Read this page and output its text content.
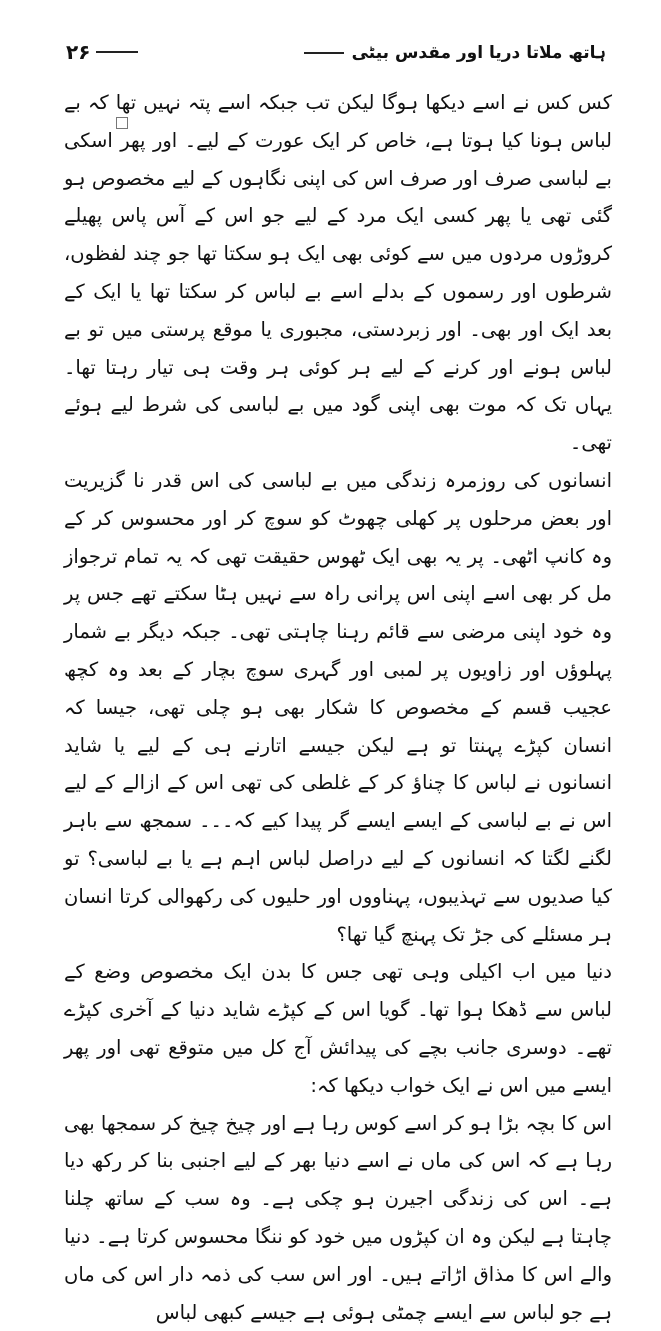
۲۶	ہاتھ ملاتا دریا اور مقدس بیٹی

کس کس نے اسے دیکھا ہوگا لیکن تب جبکہ اسے پتہ نہیں تھا کہ بے لباس ہونا کیا ہوتا ہے، خاص کر ایک عورت کے لیے۔ اور پھر اسکی بے لباسی صرف اور صرف اس کی اپنی نگاہوں کے لیے مخصوص ہو گئی تھی یا پھر کسی ایک مرد کے لیے جو اس کے آس پاس پھیلے کروڑوں مردوں میں سے کوئی بھی ایک ہو سکتا تھا جو چند لفظوں، شرطوں اور رسموں کے بدلے اسے بے لباس کر سکتا تھا یا ایک کے بعد ایک اور بھی۔ اور زبردستی، مجبوری یا موقع پرستی میں تو بے لباس ہونے اور کرنے کے لیے ہر کوئی ہر وقت ہی تیار رہتا تھا۔ یہاں تک کہ موت بھی اپنی گود میں بے لباسی کی شرط لیے ہوئے تھی۔

انسانوں کی روزمرہ زندگی میں بے لباسی کی اس قدر نا گزیریت اور بعض مرحلوں پر کھلی چھوٹ کو سوچ کر اور محسوس کر کے وہ کانپ اٹھی۔ پر یہ بھی ایک ٹھوس حقیقت تھی کہ یہ تمام ترجواز مل کر بھی اسے اپنی اس پرانی راہ سے نہیں ہٹا سکتے تھے جس پر وہ خود اپنی مرضی سے قائم رہنا چاہتی تھی۔ جبکہ دیگر بے شمار پہلوؤں اور زاویوں پر لمبی اور گہری سوچ بچار کے بعد وہ کچھ عجیب قسم کے مخصوص کا شکار بھی ہو چلی تھی، جیسا کہ انسان کپڑے پہنتا تو ہے لیکن جیسے اتارنے ہی کے لیے یا شاید انسانوں نے لباس کا چناؤ کر کے غلطی کی تھی اس کے ازالے کے لیے اس نے بے لباسی کے ایسے ایسے گر پیدا کیے کہ۔۔۔ سمجھ سے باہر لگنے لگتا کہ انسانوں کے لیے دراصل لباس اہم ہے یا بے لباسی؟ تو کیا صدیوں سے تہذیبوں، پہناووں اور حلیوں کی رکھوالی کرتا انسان ہر مسئلے کی جڑ تک پہنچ گیا تھا؟

دنیا میں اب اکیلی وہی تھی جس کا بدن ایک مخصوص وضع کے لباس سے ڈھکا ہوا تھا۔ گویا اس کے کپڑے شاید دنیا کے آخری کپڑے تھے۔ دوسری جانب بچے کی پیدائش آج کل میں متوقع تھی اور پھر ایسے میں اس نے ایک خواب دیکھا کہ:

اس کا بچہ بڑا ہو کر اسے کوس رہا ہے اور چیخ چیخ کر سمجھا بھی رہا ہے کہ اس کی ماں نے اسے دنیا بھر کے لیے اجنبی بنا کر رکھ دیا ہے۔ اس کی زندگی اجیرن ہو چکی ہے۔ وہ سب کے ساتھ چلنا چاہتا ہے لیکن وہ ان کپڑوں میں خود کو ننگا محسوس کرتا ہے۔ دنیا والے اس کا مذاق اڑاتے ہیں۔ اور اس سب کی ذمہ دار اس کی ماں ہے جو لباس سے ایسے چمٹی ہوئی ہے جیسے کبھی لباس
